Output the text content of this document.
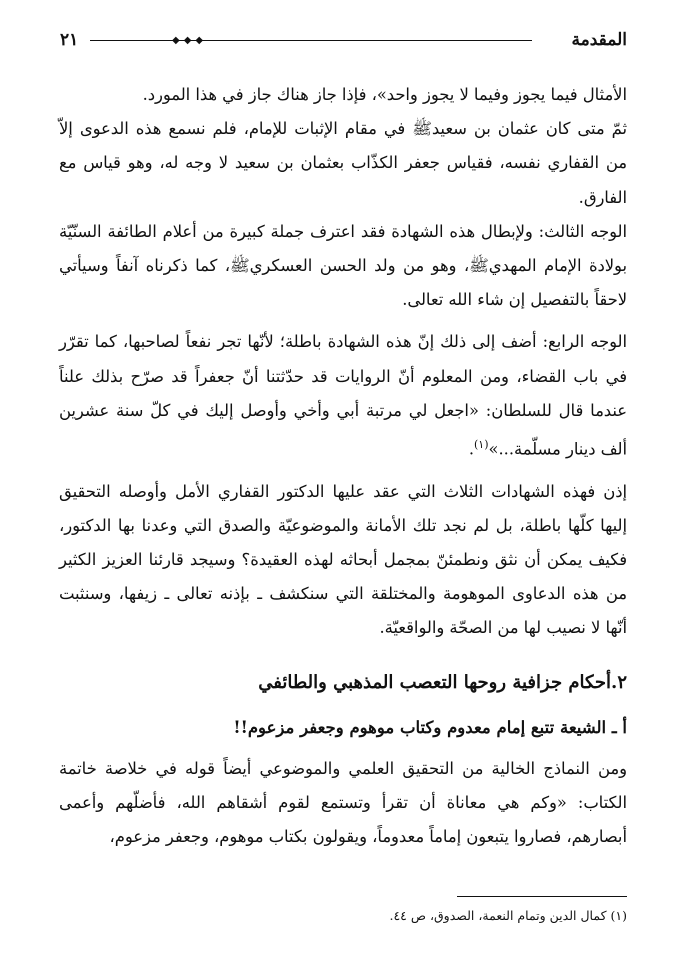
المقدمة
◆◆◆
٢١

الأمثال فيما يجوز وفيما لا يجوز واحد»، فإذا جاز هناك جاز في هذا المورد.

ثمّ متى كان عثمان بن سعيدﷺ في مقام الإثبات للإمام، فلم نسمع هذه الدعوى إلاّ من القفاري نفسه، فقياس جعفر الكذّاب بعثمان بن سعيد لا وجه له، وهو قياس مع الفارق.

الوجه الثالث: ولإبطال هذه الشهادة فقد اعترف جملة كبيرة من أعلام الطائفة السنّيّة بولادة الإمام المهديﷺ، وهو من ولد الحسن العسكريﷺ، كما ذكرناه آنفاً وسيأتي لاحقاً بالتفصيل إن شاء الله تعالى.

الوجه الرابع: أضف إلى ذلك إنّ هذه الشهادة باطلة؛ لأنّها تجر نفعاً لصاحبها، كما تقرّر في باب القضاء، ومن المعلوم أنّ الروايات قد حدّثتنا أنّ جعفراً قد صرّح بذلك علناً عندما قال للسلطان: «اجعل لي مرتبة أبي وأخي وأوصل إليك في كلّ سنة عشرين ألف دينار مسلّمة...»$^{(١)}$.

إذن فهذه الشهادات الثلاث التي عقد عليها الدكتور القفاري الأمل وأوصله التحقيق إليها كلّها باطلة، بل لم نجد تلك الأمانة والموضوعيّة والصدق التي وعدنا بها الدكتور، فكيف يمكن أن نثق ونطمئنّ بمجمل أبحاثه لهذه العقيدة؟ وسيجد قارئنا العزيز الكثير من هذه الدعاوى الموهومة والمختلقة التي سنكشف ـ بإذنه تعالى ـ زيفها، وسنثبت أنّها لا نصيب لها من الصحّة والواقعيّة.

٢.أحكام جزافية روحها التعصب المذهبي والطائفي
أ ـ الشيعة تتبع إمام معدوم وكتاب موهوم وجعفر مزعوم!!

ومن النماذج الخالية من التحقيق العلمي والموضوعي أيضاً قوله في خلاصة خاتمة الكتاب: «وكم هي معاناة أن تقرأ وتستمع لقوم أشقاهم الله، فأضلّهم وأعمى أبصارهم، فصاروا يتبعون إماماً معدوماً، ويقولون بكتاب موهوم، وجعفر مزعوم،

(١) كمال الدين وتمام النعمة، الصدوق، ص ٤٤.
